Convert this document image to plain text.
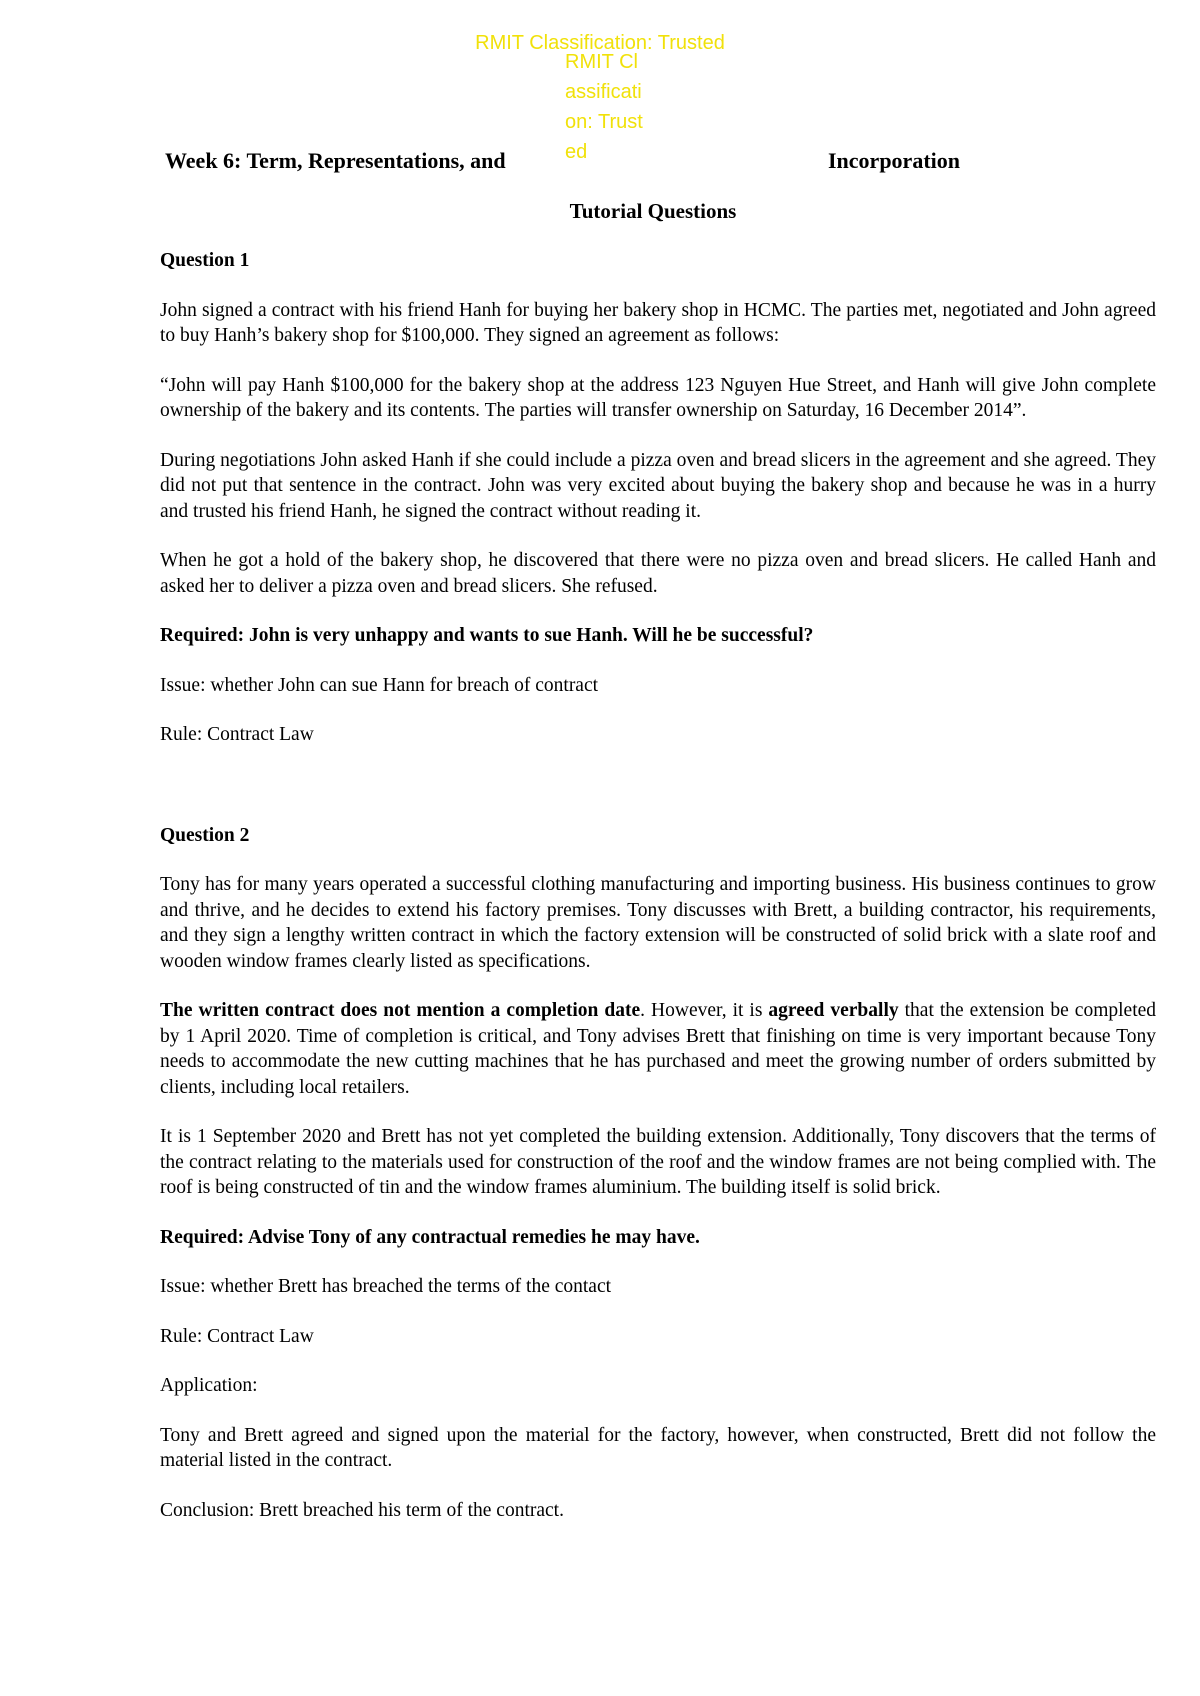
RMIT Classification: Trusted
RMIT Classification: Trusted
Week 6: Term, Representations, and	Incorporation
Tutorial Questions
Question 1

John signed a contract with his friend Hanh for buying her bakery shop in HCMC. The parties met, negotiated and John agreed to buy Hanh’s bakery shop for $100,000. They signed an agreement as follows:

“John will pay Hanh $100,000 for the bakery shop at the address 123 Nguyen Hue Street, and Hanh will give John complete ownership of the bakery and its contents. The parties will transfer ownership on Saturday, 16 December 2014”.

During negotiations John asked Hanh if she could include a pizza oven and bread slicers in the agreement and she agreed. They did not put that sentence in the contract. John was very excited about buying the bakery shop and because he was in a hurry and trusted his friend Hanh, he signed the contract without reading it.

When he got a hold of the bakery shop, he discovered that there were no pizza oven and bread slicers. He called Hanh and asked her to deliver a pizza oven and bread slicers. She refused.

Required: John is very unhappy and wants to sue Hanh. Will he be successful?

Issue: whether John can sue Hann for breach of contract

Rule: Contract Law

Question 2

Tony has for many years operated a successful clothing manufacturing and importing business. His business continues to grow and thrive, and he decides to extend his factory premises. Tony discusses with Brett, a building contractor, his requirements, and they sign a lengthy written contract in which the factory extension will be constructed of solid brick with a slate roof and wooden window frames clearly listed as specifications.

The written contract does not mention a completion date. However, it is agreed verbally that the extension be completed by 1 April 2020. Time of completion is critical, and Tony advises Brett that finishing on time is very important because Tony needs to accommodate the new cutting machines that he has purchased and meet the growing number of orders submitted by clients, including local retailers.

It is 1 September 2020 and Brett has not yet completed the building extension. Additionally, Tony discovers that the terms of the contract relating to the materials used for construction of the roof and the window frames are not being complied with. The roof is being constructed of tin and the window frames aluminium. The building itself is solid brick.

Required: Advise Tony of any contractual remedies he may have.

Issue: whether Brett has breached the terms of the contact

Rule: Contract Law

Application:

Tony and Brett agreed and signed upon the material for the factory, however, when constructed, Brett did not follow the material listed in the contract.

Conclusion: Brett breached his term of the contract.
